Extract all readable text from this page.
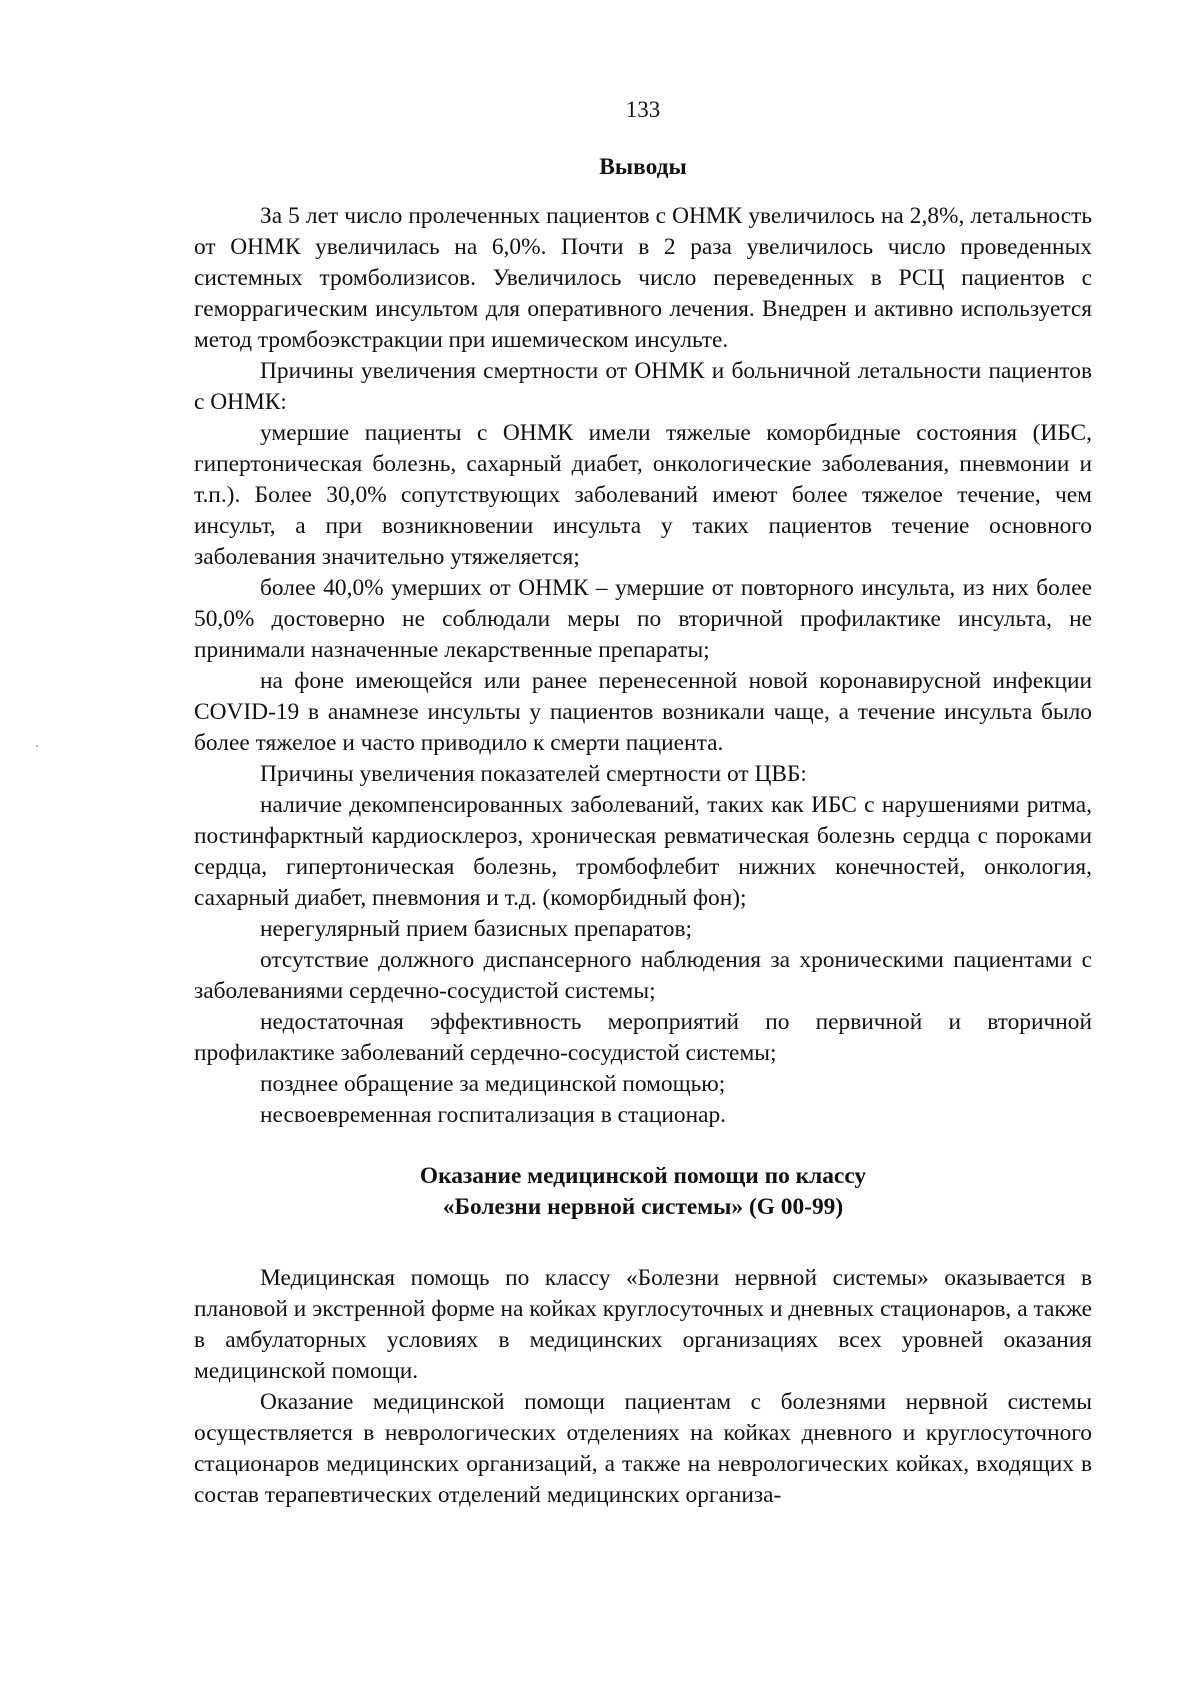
133
Выводы

За 5 лет число пролеченных пациентов с ОНМК увеличилось на 2,8%, летальность от ОНМК увеличилась на 6,0%. Почти в 2 раза увеличилось число проведенных системных тромболизисов. Увеличилось число переведенных в РСЦ пациентов с геморрагическим инсультом для оперативного лечения. Внедрен и активно используется метод тромбоэкстракции при ишемическом инсульте.

Причины увеличения смертности от ОНМК и больничной летальности пациентов с ОНМК:

умершие пациенты с ОНМК имели тяжелые коморбидные состояния (ИБС, гипертоническая болезнь, сахарный диабет, онкологические заболевания, пневмонии и т.п.). Более 30,0% сопутствующих заболеваний имеют более тяжелое течение, чем инсульт, а при возникновении инсульта у таких пациентов течение основного заболевания значительно утяжеляется;

более 40,0% умерших от ОНМК – умершие от повторного инсульта, из них более 50,0% достоверно не соблюдали меры по вторичной профилактике инсульта, не принимали назначенные лекарственные препараты;

на фоне имеющейся или ранее перенесенной новой коронавирусной инфекции COVID-19 в анамнезе инсульты у пациентов возникали чаще, а течение инсульта было более тяжелое и часто приводило к смерти пациента.

Причины увеличения показателей смертности от ЦВБ:

наличие декомпенсированных заболеваний, таких как ИБС с нарушениями ритма, постинфарктный кардиосклероз, хроническая ревматическая болезнь сердца с пороками сердца, гипертоническая болезнь, тромбофлебит нижних конечностей, онкология, сахарный диабет, пневмония и т.д. (коморбидный фон);

нерегулярный прием базисных препаратов;

отсутствие должного диспансерного наблюдения за хроническими пациентами с заболеваниями сердечно-сосудистой системы;

недостаточная эффективность мероприятий по первичной и вторичной профилактике заболеваний сердечно-сосудистой системы;

позднее обращение за медицинской помощью;

несвоевременная госпитализация в стационар.

Оказание медицинской помощи по классу
«Болезни нервной системы» (G 00-99)

Медицинская помощь по классу «Болезни нервной системы» оказывается в плановой и экстренной форме на койках круглосуточных и дневных стационаров, а также в амбулаторных условиях в медицинских организациях всех уровней оказания медицинской помощи.

Оказание медицинской помощи пациентам с болезнями нервной системы осуществляется в неврологических отделениях на койках дневного и круглосуточного стационаров медицинских организаций, а также на неврологических койках, входящих в состав терапевтических отделений медицинских организа-
